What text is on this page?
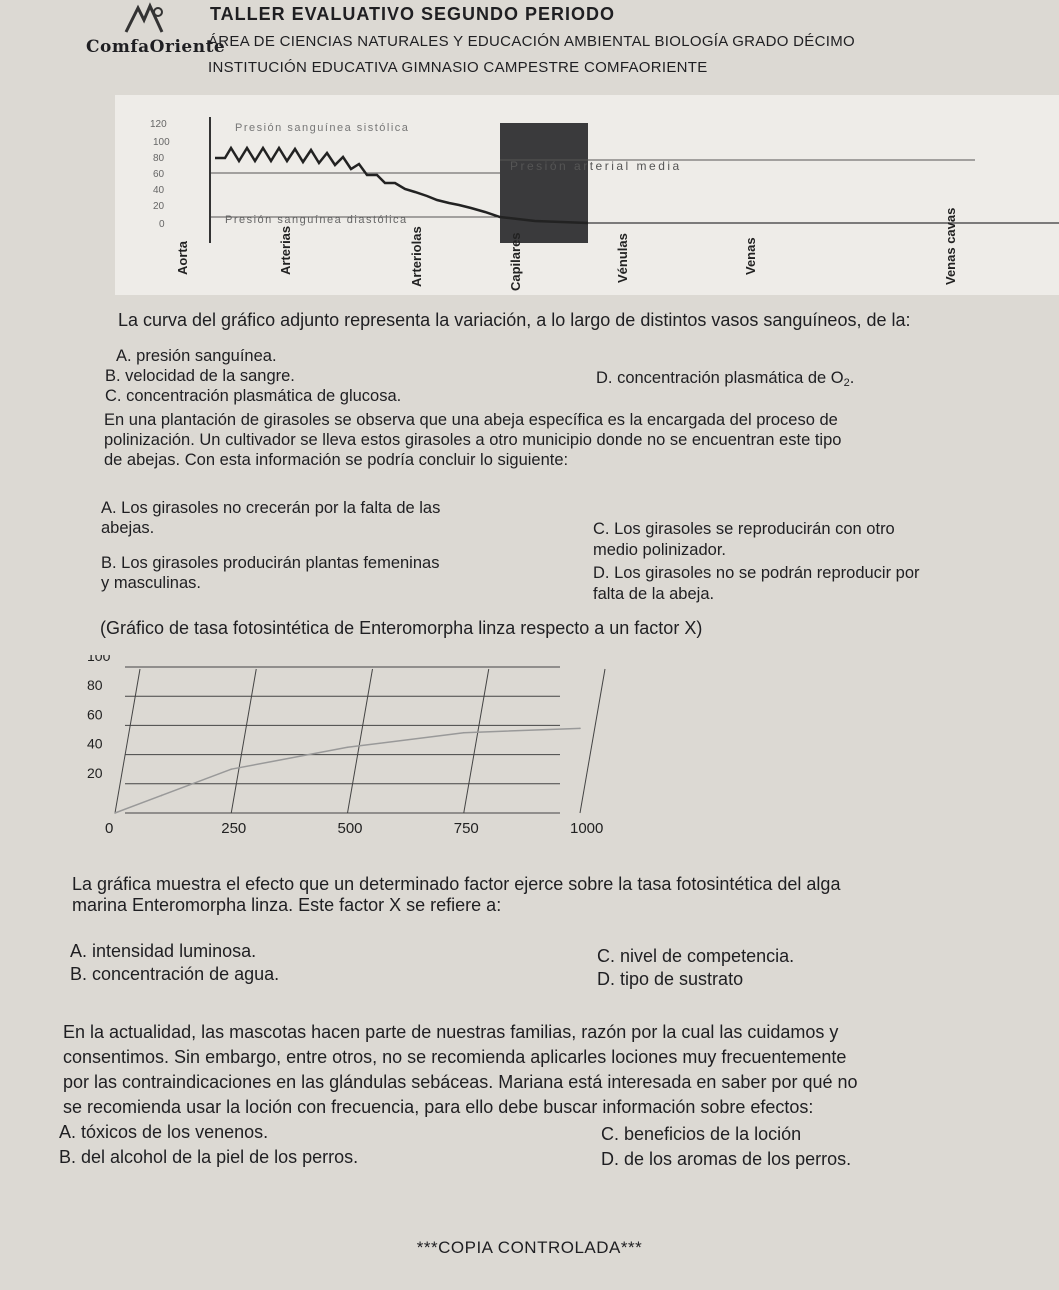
ComfaOriente
TALLER EVALUATIVO SEGUNDO PERIODO
ÁREA DE CIENCIAS NATURALES Y EDUCACIÓN AMBIENTAL BIOLOGÍA GRADO DÉCIMO
INSTITUCIÓN EDUCATIVA GIMNASIO CAMPESTRE COMFAORIENTE
120
100
80
60
40
20
0
Presión sanguínea sistólica
Presión arterial media
Presión sanguínea diastólica
Aorta	Arterias	Arteriolas	Capilares	Vénulas	Venas	Venas cavas
La curva del gráfico adjunto representa la variación, a lo largo de distintos vasos sanguíneos, de la:
A. presión sanguínea.
B. velocidad de la sangre.
C. concentración plasmática de glucosa.
D. concentración plasmática de O2.
En una plantación de girasoles se observa que una abeja específica es la encargada del proceso de
polinización. Un cultivador se lleva estos girasoles a otro municipio donde no se encuentran este tipo
de abejas. Con esta información se podría concluir lo siguiente:
A. Los girasoles no crecerán por la falta de las
abejas.
B. Los girasoles producirán plantas femeninas
y masculinas.
C. Los girasoles se reproducirán con otro
medio polinizador.
D. Los girasoles no se podrán reproducir por
falta de la abeja.
(Gráfico de tasa fotosintética de Enteromorpha linza respecto a un factor X)
20
40
60
80
100
0	250	500	750	1000
La gráfica muestra el efecto que un determinado factor ejerce sobre la tasa fotosintética del alga
marina Enteromorpha linza. Este factor X se refiere a:
A. intensidad luminosa.
B. concentración de agua.
C. nivel de competencia.
D. tipo de sustrato
En la actualidad, las mascotas hacen parte de nuestras familias, razón por la cual las cuidamos y
consentimos. Sin embargo, entre otros, no se recomienda aplicarles lociones muy frecuentemente
por las contraindicaciones en las glándulas sebáceas. Mariana está interesada en saber por qué no
se recomienda usar la loción con frecuencia, para ello debe buscar información sobre efectos:
A. tóxicos de los venenos.
B. del alcohol de la piel de los perros.
C. beneficios de la loción
D. de los aromas de los perros.
***COPIA CONTROLADA***
